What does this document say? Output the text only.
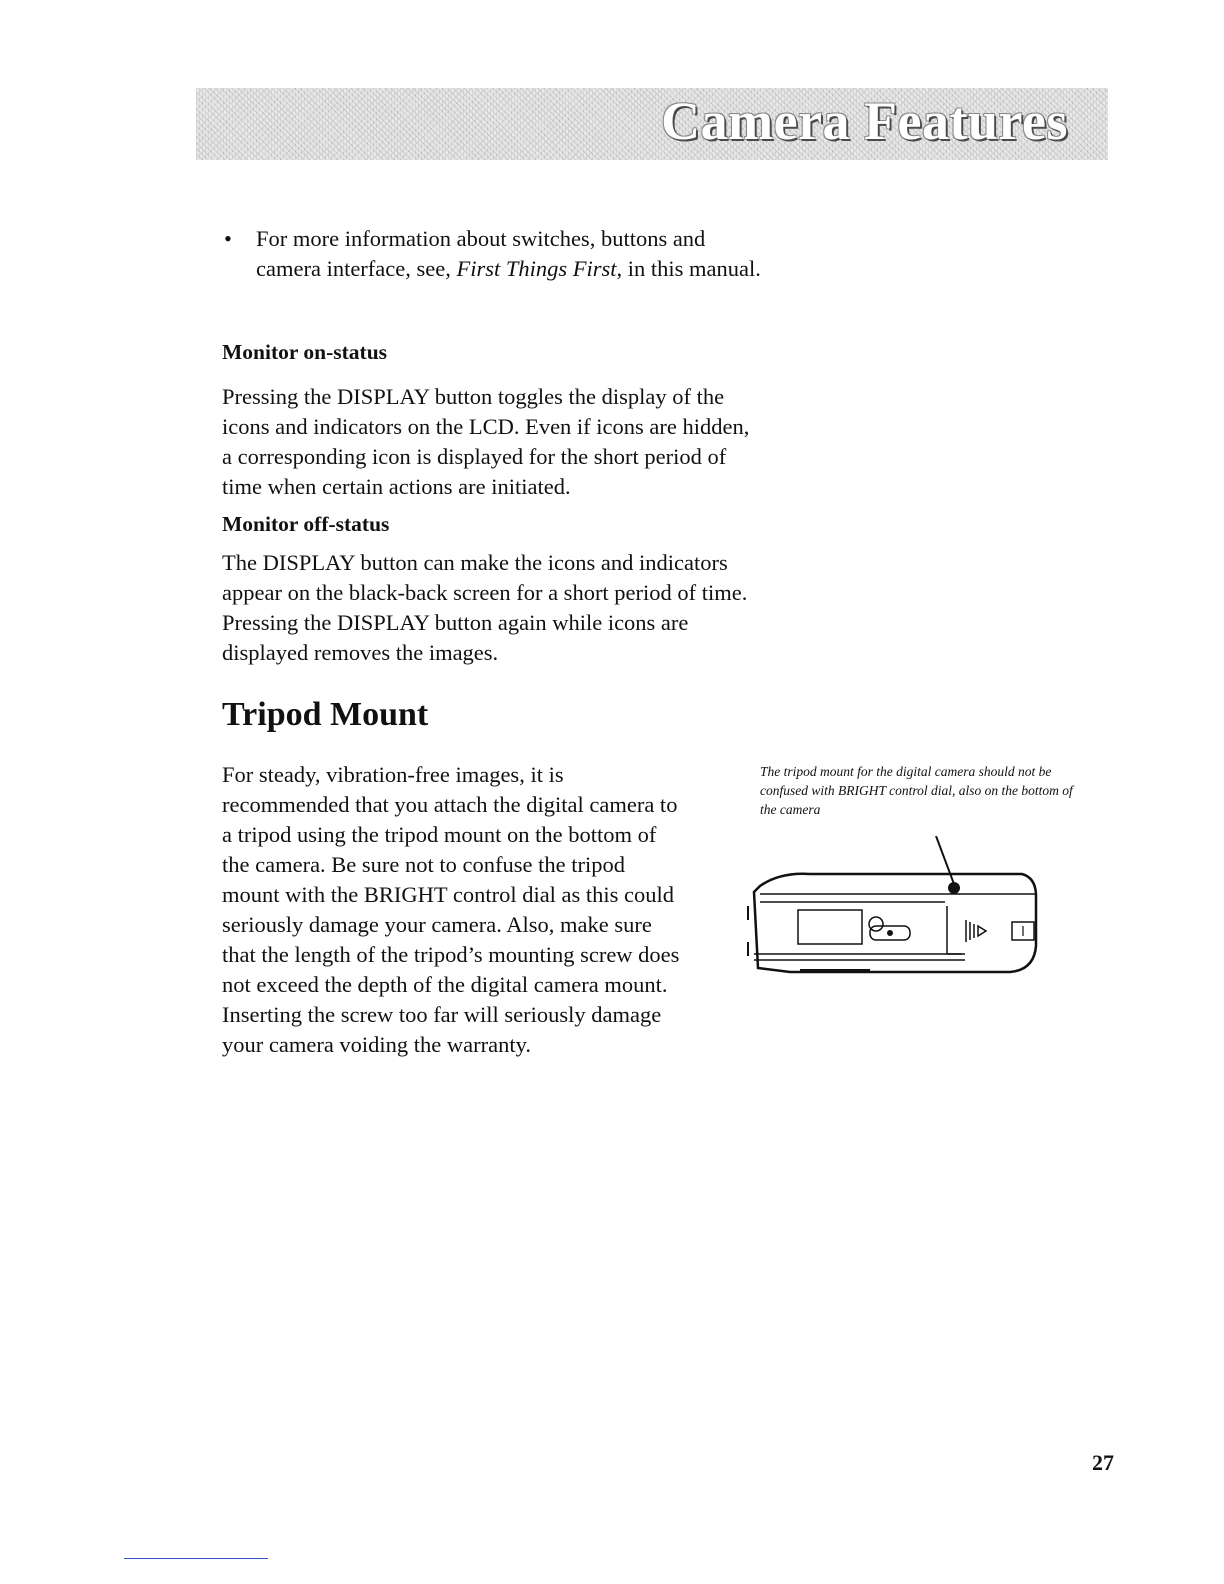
Camera Features
• For more information about switches, buttons and camera interface, see, First Things First, in this manual.
Monitor on-status
Pressing the DISPLAY button toggles the display of the icons and indicators on the LCD. Even if icons are hidden, a corresponding icon is displayed for the short period of time when certain actions are initiated.
Monitor off-status
The DISPLAY button can make the icons and indicators appear on the black-back screen for a short period of time. Pressing the DISPLAY button again while icons are displayed removes the images.
Tripod Mount
For steady, vibration-free images, it is recommended that you attach the digital camera to a tripod using the tripod mount on the bottom of the camera. Be sure not to confuse the tripod mount with the BRIGHT control dial as this could seriously damage your camera. Also, make sure that the length of the tripod’s mounting screw does not exceed the depth of the digital camera mount. Inserting the screw too far will seriously damage your camera voiding the warranty.
The tripod mount for the digital camera should not be confused with BRIGHT control dial, also on the bottom of the camera
27
